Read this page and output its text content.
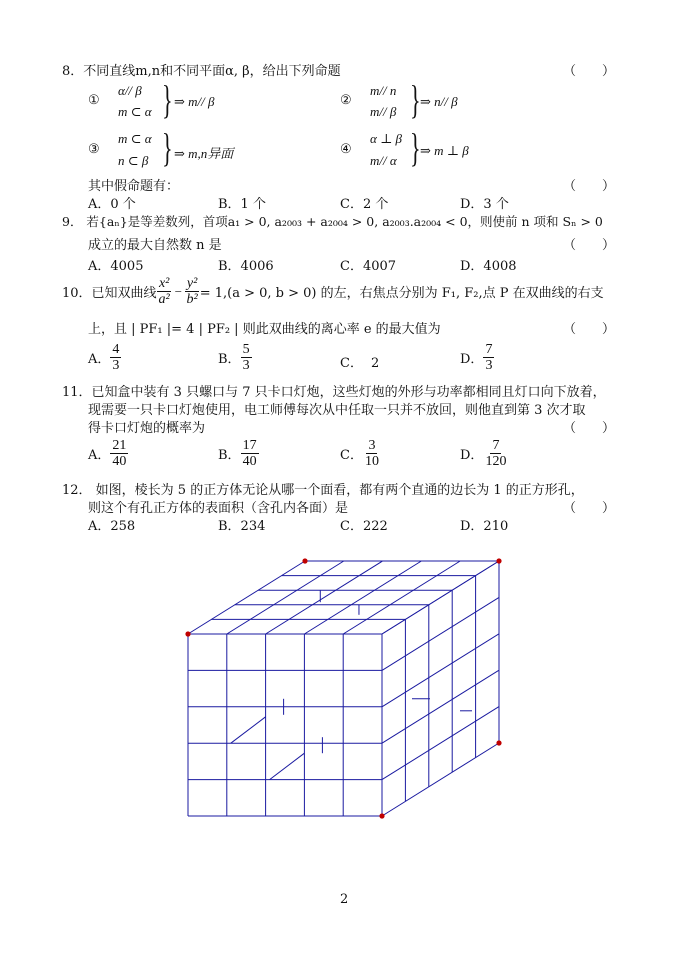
8．不同直线m,n和不同平面α, β，给出下列命题	（ ）
①
α// β
m ⊂ α } ⇒ m// β	②
m// n
m// β } ⇒ n// β
③
m ⊂ α
n ⊂ β } ⇒ m,n异面	④
α ⊥ β
m// α } ⇒ m ⊥ β
其中假命题有：	（ ）
A．0 个	B．1 个	C．2 个	D．3 个
9． 若{aₙ}是等差数列，首项a₁ > 0, a₂₀₀₃ + a₂₀₀₄ > 0, a₂₀₀₃.a₂₀₀₄ < 0，则使前 n 项和 Sₙ > 0
成立的最大自然数 n 是	（ ）
A．4005	B．4006	C．4007	D．4008
10．已知双曲线 $\frac{\text{x²}}{\text{a²}} - \frac{\text{y²}}{\text{b²}} = 1,(a > 0$, b > 0) 的左，右焦点分别为 F₁, F₂,点 P 在双曲线的右支
上，且 | PF₁ |= 4 | PF₂ | 则此双曲线的离心率 e 的最大值为	（ ）
A． $\frac{4}{3}$	B． $\frac{5}{3}$	C． 2	D． $\frac{7}{3}$
11．已知盒中装有 3 只螺口与 7 只卡口灯炮，这些灯炮的外形与功率都相同且灯口向下放着，
现需要一只卡口灯炮使用，电工师傅每次从中任取一只并不放回，则他直到第 3 次才取
得卡口灯炮的概率为	（ ）
A． $\frac{21}{40}$	B． $\frac{17}{40}$	C． $\frac{3}{10}$	D． $\frac{7}{120}$
12． 如图，棱长为 5 的正方体无论从哪一个面看，都有两个直通的边长为 1 的正方形孔，
则这个有孔正方体的表面积（含孔内各面）是	（ ）
A．258	B．234	C．222	D．210
2
